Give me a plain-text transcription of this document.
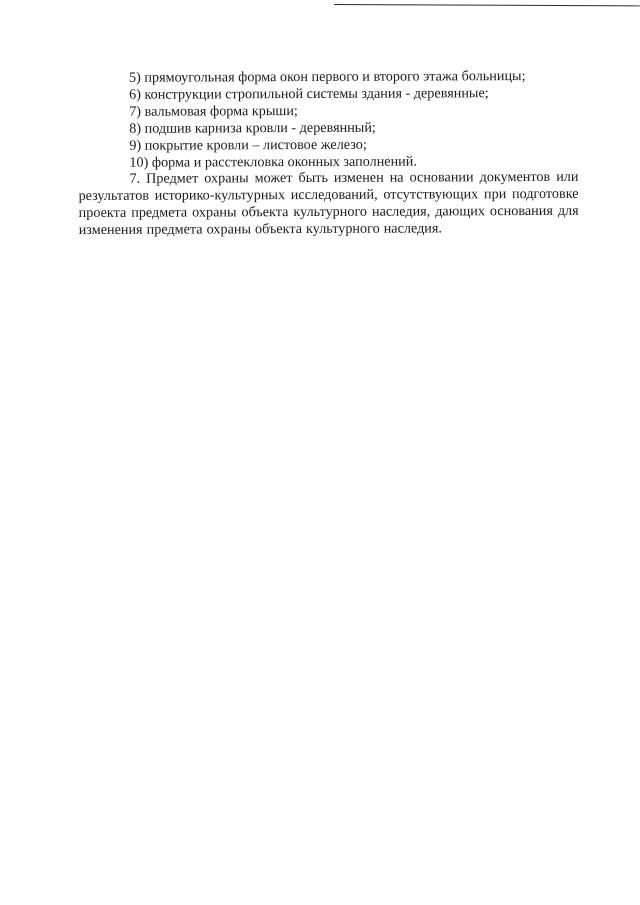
5) прямоугольная форма окон первого и второго этажа больницы;
6) конструкции стропильной системы здания - деревянные;
7) вальмовая форма крыши;
8) подшив карниза кровли - деревянный;
9) покрытие кровли – листовое железо;
10) форма и расстекловка оконных заполнений.

7. Предмет охраны может быть изменен на основании документов или результатов историко-культурных исследований, отсутствующих при подготовке проекта предмета охраны объекта культурного наследия, дающих основания для изменения предмета охраны объекта культурного наследия.
